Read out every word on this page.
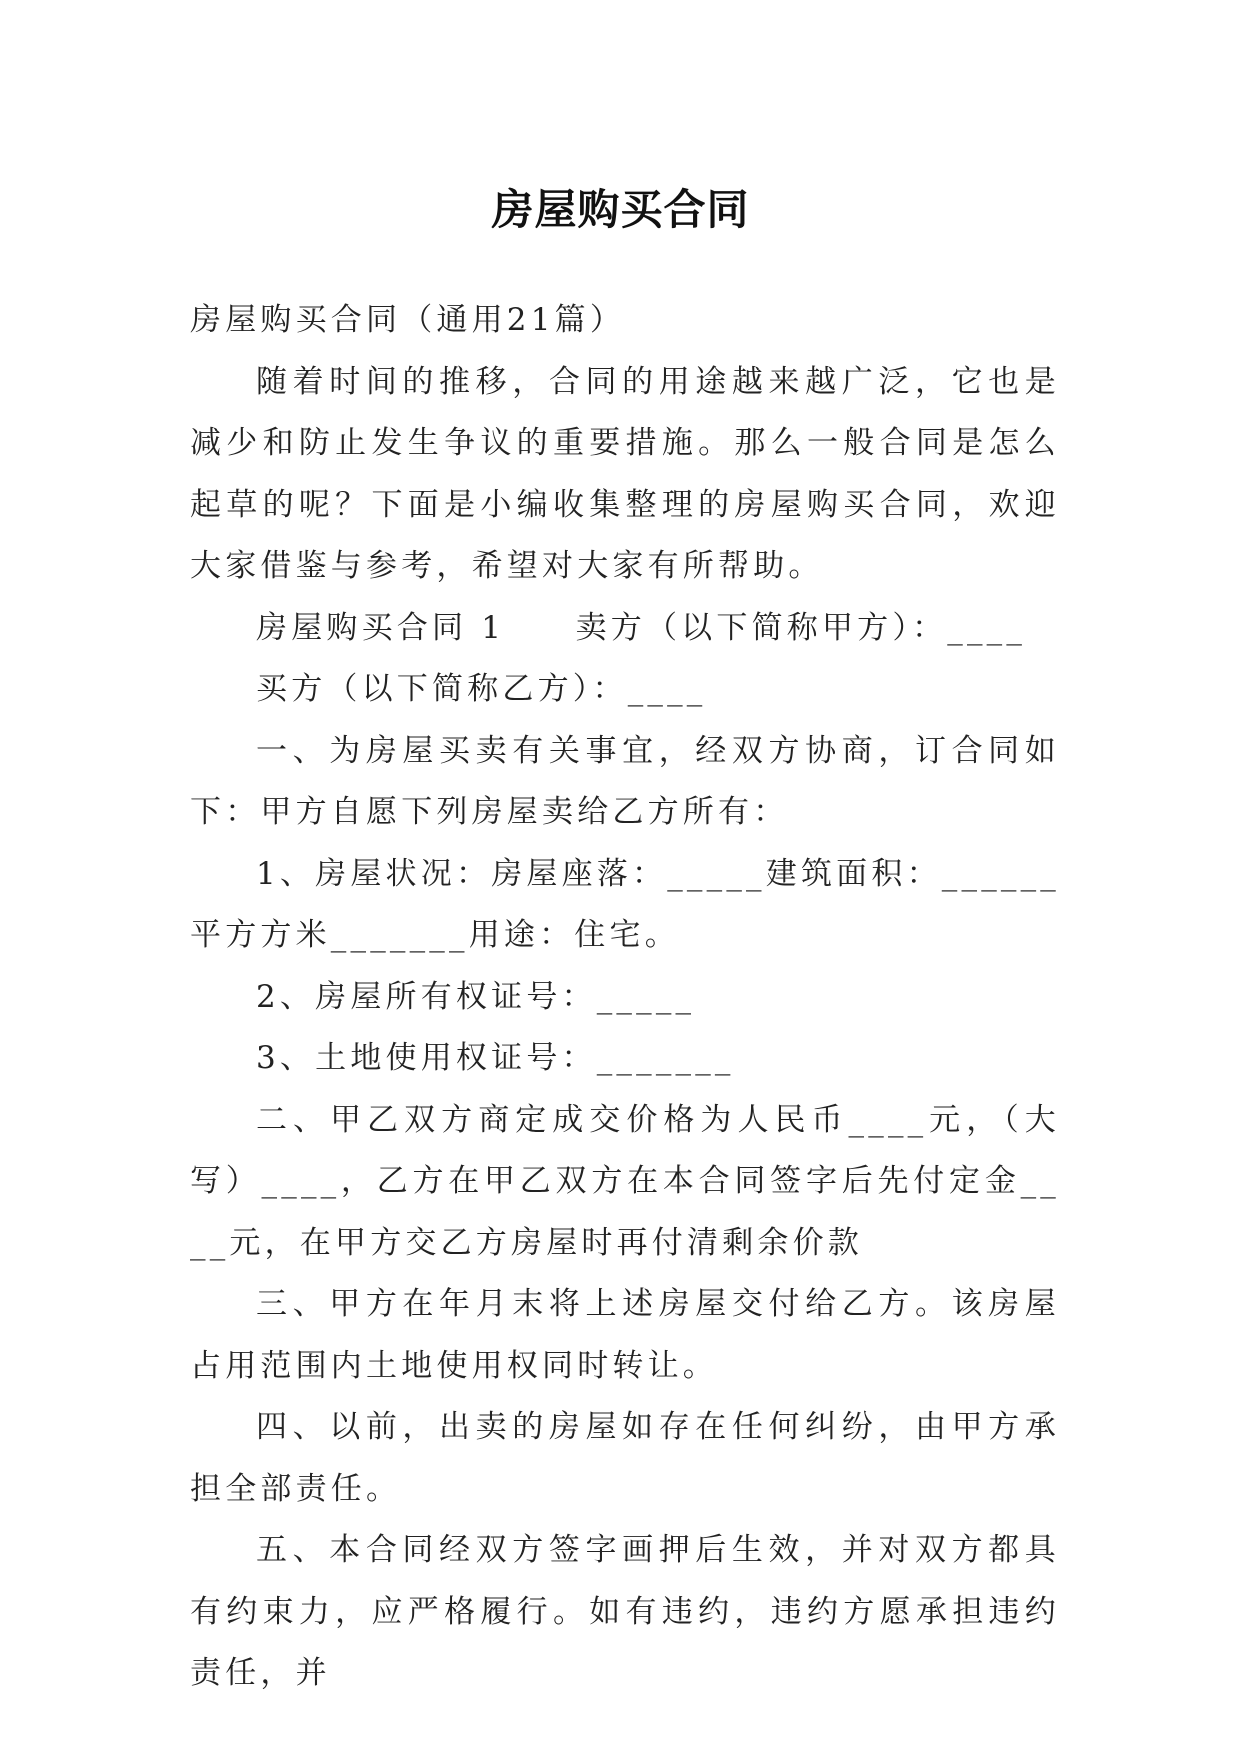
房屋购买合同

房屋购买合同（通用21篇）

随着时间的推移，合同的用途越来越广泛，它也是减少和防止发生争议的重要措施。那么一般合同是怎么起草的呢？下面是小编收集整理的房屋购买合同，欢迎大家借鉴与参考，希望对大家有所帮助。

房屋购买合同 1　　卖方（以下简称甲方）：____

买方（以下简称乙方）：____

一、为房屋买卖有关事宜，经双方协商，订合同如下：甲方自愿下列房屋卖给乙方所有：

1、房屋状况：房屋座落：_____建筑面积：______平方方米_______用途：住宅。

2、房屋所有权证号：_____

3、土地使用权证号：_______

二、甲乙双方商定成交价格为人民币____元，（大写）____，乙方在甲乙双方在本合同签字后先付定金____元，在甲方交乙方房屋时再付清剩余价款

三、甲方在年月末将上述房屋交付给乙方。该房屋占用范围内土地使用权同时转让。

四、以前，出卖的房屋如存在任何纠纷，由甲方承担全部责任。

五、本合同经双方签字画押后生效，并对双方都具有约束力，应严格履行。如有违约，违约方愿承担违约责任，并
